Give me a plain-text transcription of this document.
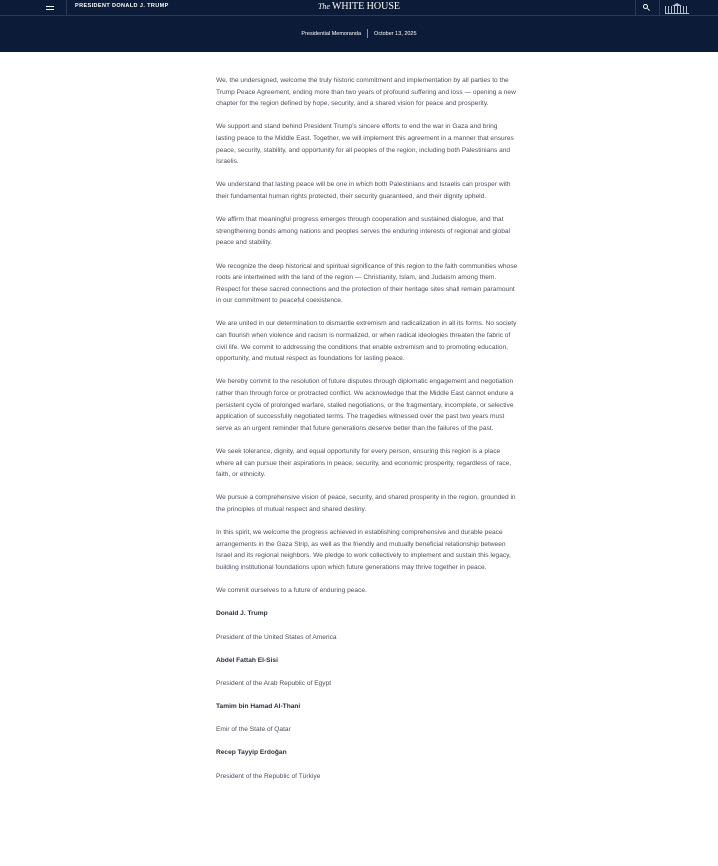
PRESIDENT DONALD J. TRUMP	The WHITE HOUSE
Presidential Memoranda October 13, 2025

We, the undersigned, welcome the truly historic commitment and implementation by all parties to the Trump Peace Agreement, ending more than two years of profound suffering and loss — opening a new chapter for the region defined by hope, security, and a shared vision for peace and prosperity.

We support and stand behind President Trump's sincere efforts to end the war in Gaza and bring lasting peace to the Middle East. Together, we will implement this agreement in a manner that ensures peace, security, stability, and opportunity for all peoples of the region, including both Palestinians and Israelis.

We understand that lasting peace will be one in which both Palestinians and Israelis can prosper with their fundamental human rights protected, their security guaranteed, and their dignity upheld.

We affirm that meaningful progress emerges through cooperation and sustained dialogue, and that strengthening bonds among nations and peoples serves the enduring interests of regional and global peace and stability.

We recognize the deep historical and spiritual significance of this region to the faith communities whose roots are intertwined with the land of the region — Christianity, Islam, and Judaism among them. Respect for these sacred connections and the protection of their heritage sites shall remain paramount in our commitment to peaceful coexistence.

We are united in our determination to dismantle extremism and radicalization in all its forms. No society can flourish when violence and racism is normalized, or when radical ideologies threaten the fabric of civil life. We commit to addressing the conditions that enable extremism and to promoting education, opportunity, and mutual respect as foundations for lasting peace.

We hereby commit to the resolution of future disputes through diplomatic engagement and negotiation rather than through force or protracted conflict. We acknowledge that the Middle East cannot endure a persistent cycle of prolonged warfare, stalled negotiations, or the fragmentary, incomplete, or selective application of successfully negotiated terms. The tragedies witnessed over the past two years must serve as an urgent reminder that future generations deserve better than the failures of the past.

We seek tolerance, dignity, and equal opportunity for every person, ensuring this region is a place where all can pursue their aspirations in peace, security, and economic prosperity, regardless of race, faith, or ethnicity.

We pursue a comprehensive vision of peace, security, and shared prosperity in the region, grounded in the principles of mutual respect and shared destiny.

In this spirit, we welcome the progress achieved in establishing comprehensive and durable peace arrangements in the Gaza Strip, as well as the friendly and mutually beneficial relationship between Israel and its regional neighbors. We pledge to work collectively to implement and sustain this legacy, building institutional foundations upon which future generations may thrive together in peace.

We commit ourselves to a future of enduring peace.

Donald J. Trump

President of the United States of America

Abdel Fattah El-Sisi

President of the Arab Republic of Egypt

Tamim bin Hamad Al-Thani

Emir of the State of Qatar

Recep Tayyip Erdoğan

President of the Republic of Türkiye
